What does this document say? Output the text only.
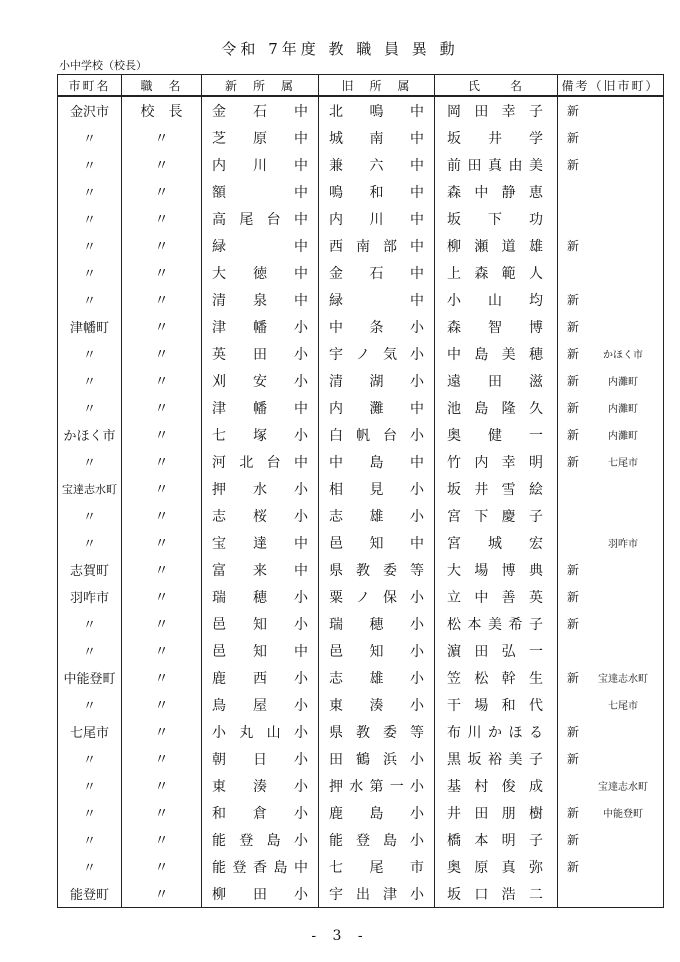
令和 7年度 教 職 員 異 動
小中学校（校長）
市町名	職　名	新　所　属	旧　所　属	氏　　名	備考（旧市町）
金沢市	校　長	金 石 中	北 鳴 中	岡 田 幸 子	新
〃	〃	芝 原 中	城 南 中	坂 井 学	新
〃	〃	内 川 中	兼 六 中	前 田 真 由 美	新
〃	〃	額 中	鳴 和 中	森 中 静 恵	

〃	〃	高 尾 台 中	内 川 中	坂 下 功	

〃	〃	緑 中	西 南 部 中	柳 瀬 道 雄	新
〃	〃	大 徳 中	金 石 中	上 森 範 人	

〃	〃	清 泉 中	緑 中	小 山 均	新
津幡町	〃	津 幡 小	中 条 小	森 智 博	新
〃	〃	英 田 小	宇 ノ 気 小	中 島 美 穂	新 かほく市
〃	〃	刈 安 小	清 湖 小	遠 田 滋	新 内灘町
〃	〃	津 幡 中	内 灘 中	池 島 隆 久	新 内灘町
かほく市	〃	七 塚 小	白 帆 台 小	奥 健 一	新 内灘町
〃	〃	河 北 台 中	中 島 中	竹 内 幸 明	新 七尾市
宝達志水町	〃	押 水 小	相 見 小	坂 井 雪 絵	

〃	〃	志 桜 小	志 雄 小	宮 下 慶 子	

〃	〃	宝 達 中	邑 知 中	宮 城 宏	羽咋市
志賀町	〃	富 来 中	県 教 委 等	大 場 博 典	新
羽咋市	〃	瑞 穂 小	粟 ノ 保 小	立 中 善 英	新
〃	〃	邑 知 小	瑞 穂 小	松 本 美 希 子	新
〃	〃	邑 知 中	邑 知 小	濵 田 弘 一	

中能登町	〃	鹿 西 小	志 雄 小	笠 松 幹 生	新 宝達志水町
〃	〃	鳥 屋 小	東 湊 小	干 場 和 代	七尾市
七尾市	〃	小 丸 山 小	県 教 委 等	布 川 か ほ る	新
〃	〃	朝 日 小	田 鶴 浜 小	黒 坂 裕 美 子	新
〃	〃	東 湊 小	押 水 第 一 小	基 村 俊 成	宝達志水町
〃	〃	和 倉 小	鹿 島 小	井 田 朋 樹	新 中能登町
〃	〃	能 登 島 小	能 登 島 小	橋 本 明 子	新
〃	〃	能 登 香 島 中	七 尾 市	奥 原 真 弥	新
能登町	〃	柳 田 小	宇 出 津 小	坂 口 浩 二	

- 3 -
